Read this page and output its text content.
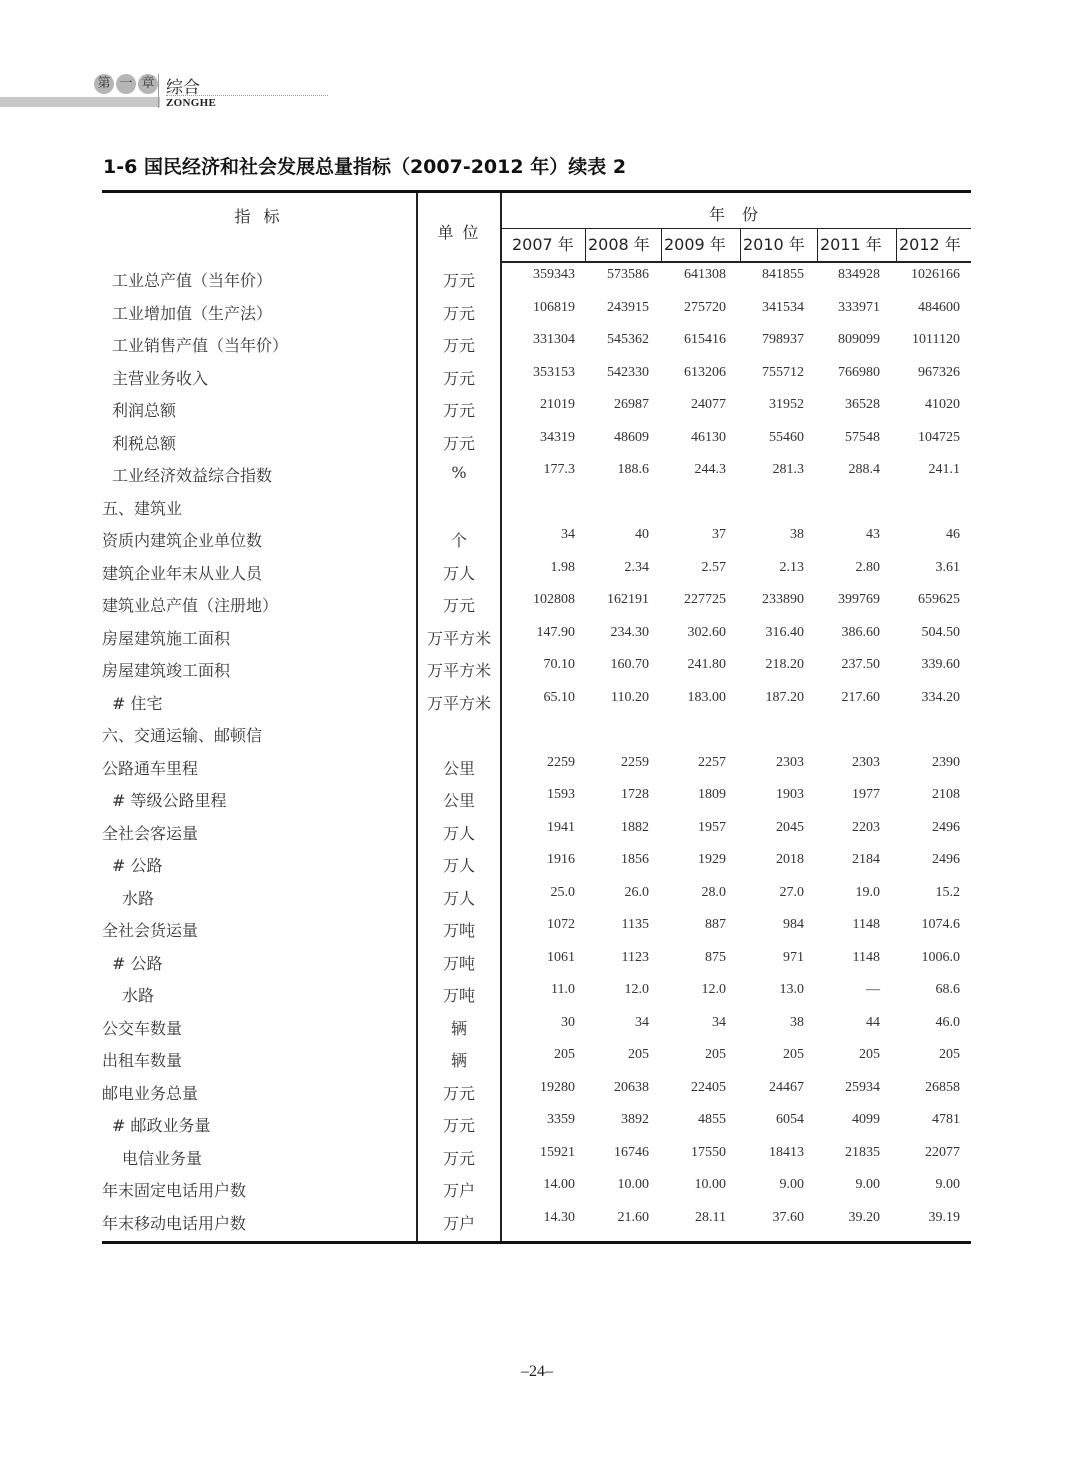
第 一 章 综合
ZONGHE
1-6 国民经济和社会发展总量指标（2007-2012 年）续表 2
指 标
单 位
年 份
2007 年 2008 年 2009 年	2010 年 2011 年	2012 年
工业总产值（当年价）	万元	359343 573586	641308	841855 834928 1026166
工业增加值（生产法）	万元	106819 243915	275720	341534 333971	484600
工业销售产值（当年价）	万元	331304 545362	615416	798937 809099 1011120
主营业务收入	万元	353153 542330	613206	755712 766980	967326
利润总额	万元	21019	26987	24077	31952	36528	41020
利税总额	万元	34319	48609	46130	55460	57548	104725
工业经济效益综合指数	%	177.3	188.6	244.3	281.3	288.4	241.1
五、建筑业
资质内建筑企业单位数	个	34	40	37	38	43	46
建筑企业年末从业人员	万人	1.98	2.34	2.57	2.13	2.80	3.61
建筑业总产值（注册地）	万元	102808 162191	227725	233890 399769	659625
房屋建筑施工面积	万平方米	147.90	234.30	302.60	316.40	386.60	504.50
房屋建筑竣工面积	万平方米	70.10	160.70	241.80	218.20	237.50	339.60
# 住宅	万平方米	65.10	110.20	183.00	187.20	217.60	334.20
六、交通运输、邮顿信
公路通车里程	公里	2259	2259	2257	2303	2303	2390
# 等级公路里程	公里	1593	1728	1809	1903	1977	2108
全社会客运量	万人	1941	1882	1957	2045	2203	2496
# 公路	万人	1916	1856	1929	2018	2184	2496
水路	万人	25.0	26.0	28.0	27.0	19.0	15.2
全社会货运量	万吨	1072	1135	887	984	1148	1074.6
# 公路	万吨	1061	1123	875	971	1148	1006.0
水路	万吨	11.0	12.0	12.0	13.0	—	68.6
公交车数量	辆	30	34	34	38	44	46.0
出租车数量	辆	205	205	205	205	205	205
邮电业务总量	万元	19280	20638	22405	24467	25934	26858
# 邮政业务量	万元	3359	3892	4855	6054	4099	4781
电信业务量	万元	15921	16746	17550	18413	21835	22077
年末固定电话用户数	万户	14.00	10.00	10.00	9.00	9.00	9.00
年末移动电话用户数	万户	14.30	21.60	28.11	37.60	39.20	39.19
–24–
